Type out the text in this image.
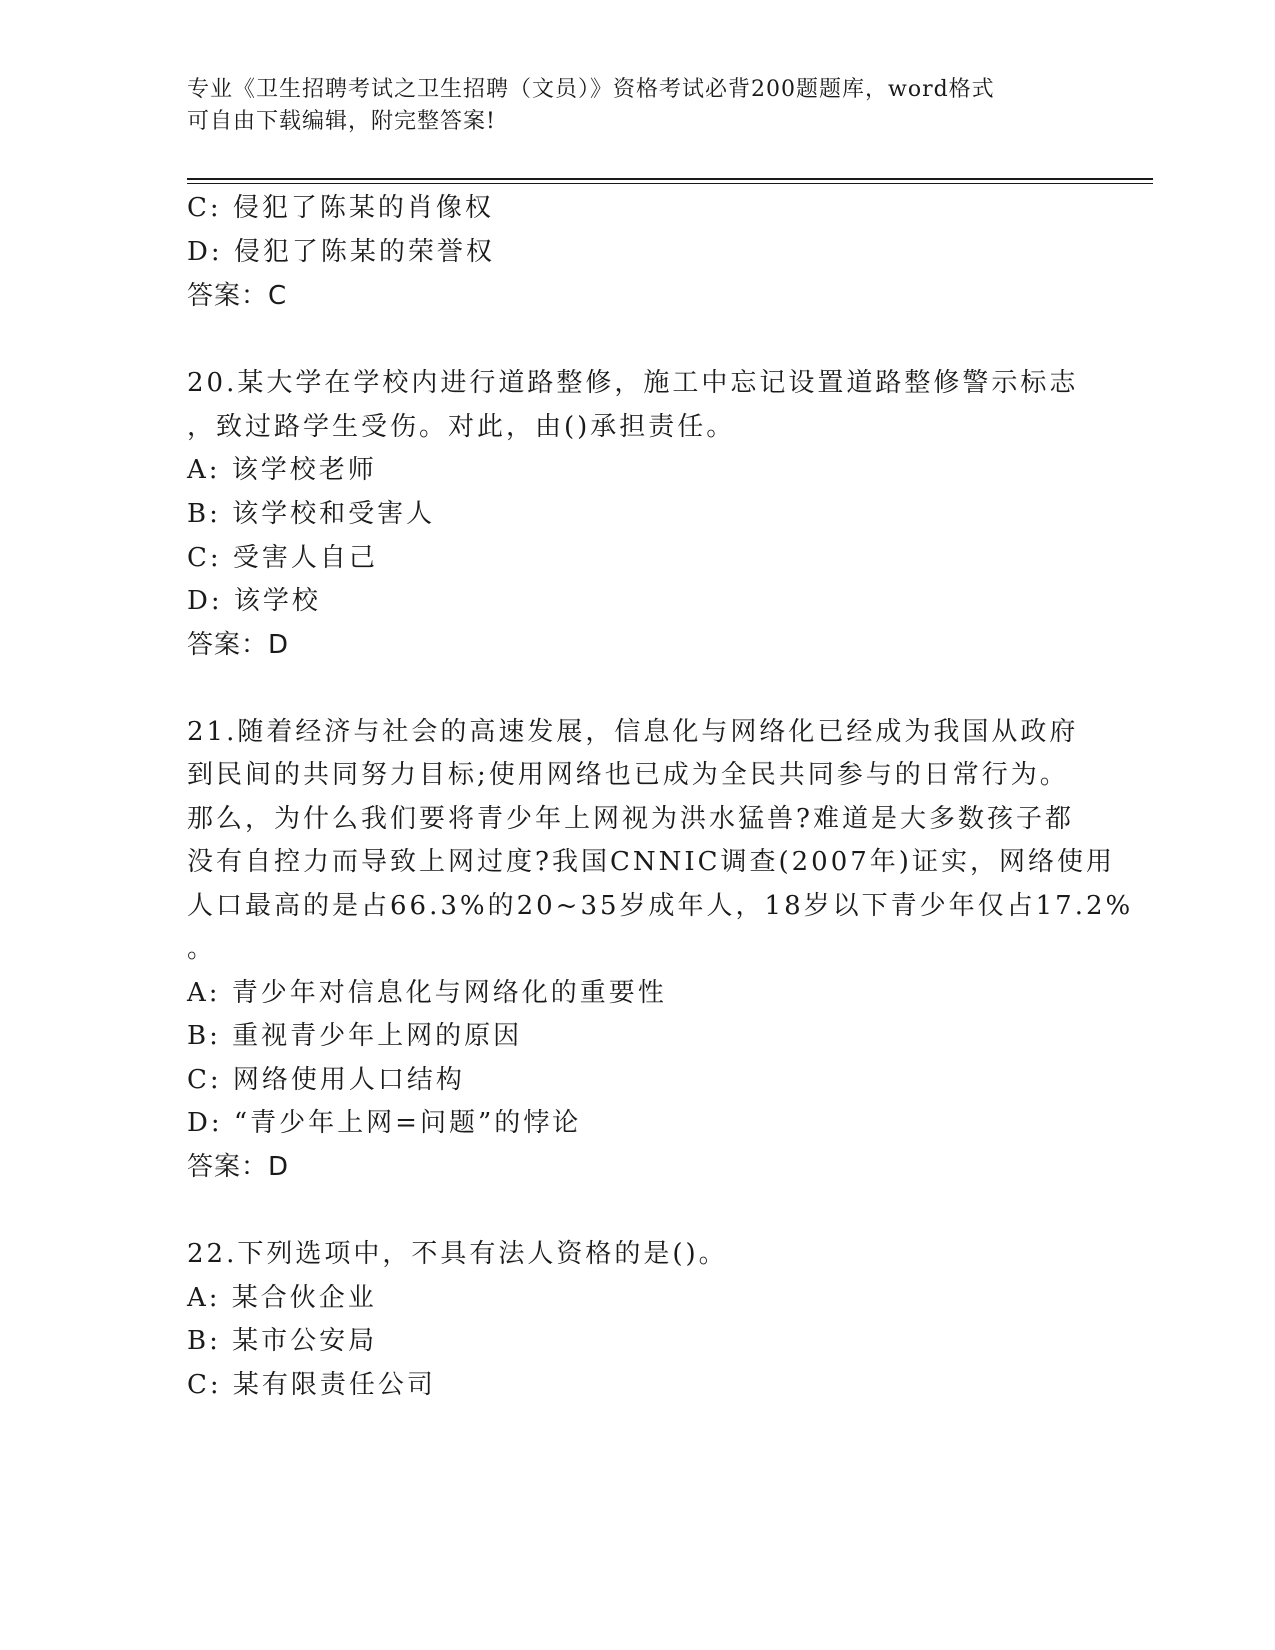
专业《卫生招聘考试之卫生招聘（文员）》资格考试必背200题题库，word格式
可自由下载编辑，附完整答案!
C: 侵犯了陈某的肖像权
D: 侵犯了陈某的荣誉权
答案：C
20.某大学在学校内进行道路整修，施工中忘记设置道路整修警示标志
，致过路学生受伤。对此，由()承担责任。
A: 该学校老师
B: 该学校和受害人
C: 受害人自己
D: 该学校
答案：D
21.随着经济与社会的高速发展，信息化与网络化已经成为我国从政府
到民间的共同努力目标;使用网络也已成为全民共同参与的日常行为。
那么，为什么我们要将青少年上网视为洪水猛兽?难道是大多数孩子都
没有自控力而导致上网过度?我国CNNIC调查(2007年)证实，网络使用
人口最高的是占66.3%的20~35岁成年人，18岁以下青少年仅占17.2%
。
A: 青少年对信息化与网络化的重要性
B: 重视青少年上网的原因
C: 网络使用人口结构
D: “青少年上网=问题”的悖论
答案：D
22.下列选项中，不具有法人资格的是()。
A: 某合伙企业
B: 某市公安局
C: 某有限责任公司
